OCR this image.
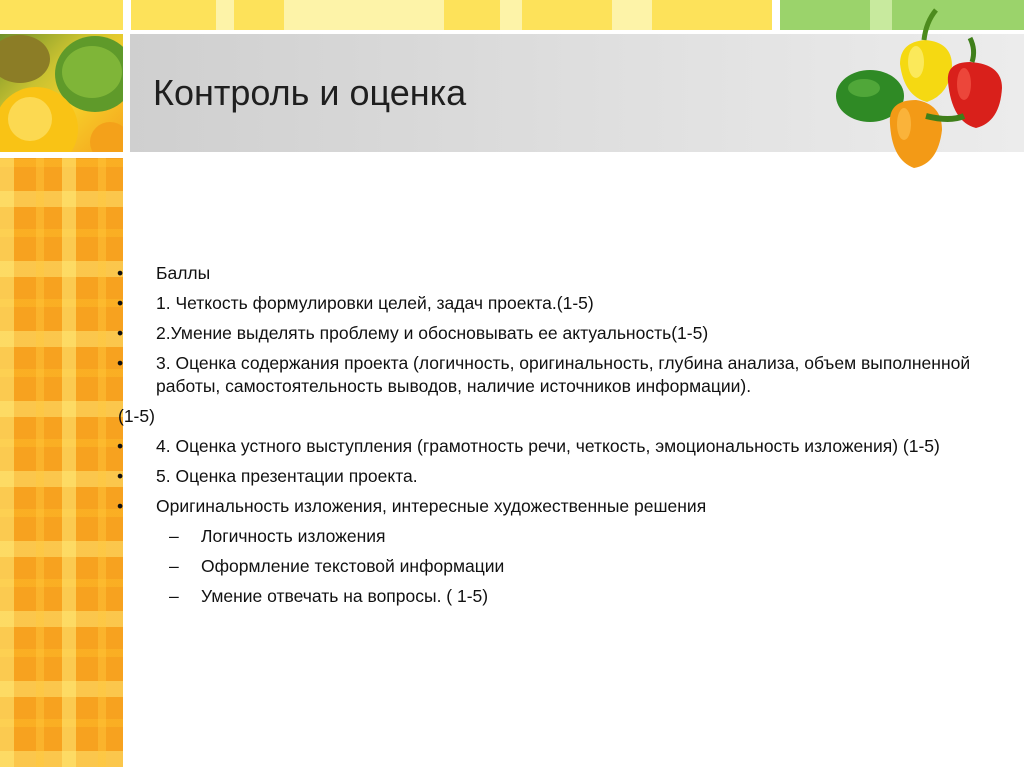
Контроль и оценка
• Баллы
• 1. Четкость формулировки целей, задач проекта.(1-5)
• 2.Умение выделять проблему и обосновывать ее актуальность(1-5)
• 3. Оценка содержания проекта (логичность, оригинальность, глубина анализа, объем выполненной работы, самостоятельность выводов, наличие источников информации).
(1-5)
• 4. Оценка устного выступления (грамотность речи, четкость, эмоциональность изложения) (1-5)
• 5. Оценка презентации проекта.
• Оригинальность изложения, интересные художественные решения
– Логичность изложения
– Оформление текстовой информации
– Умение отвечать на вопросы. ( 1-5)
